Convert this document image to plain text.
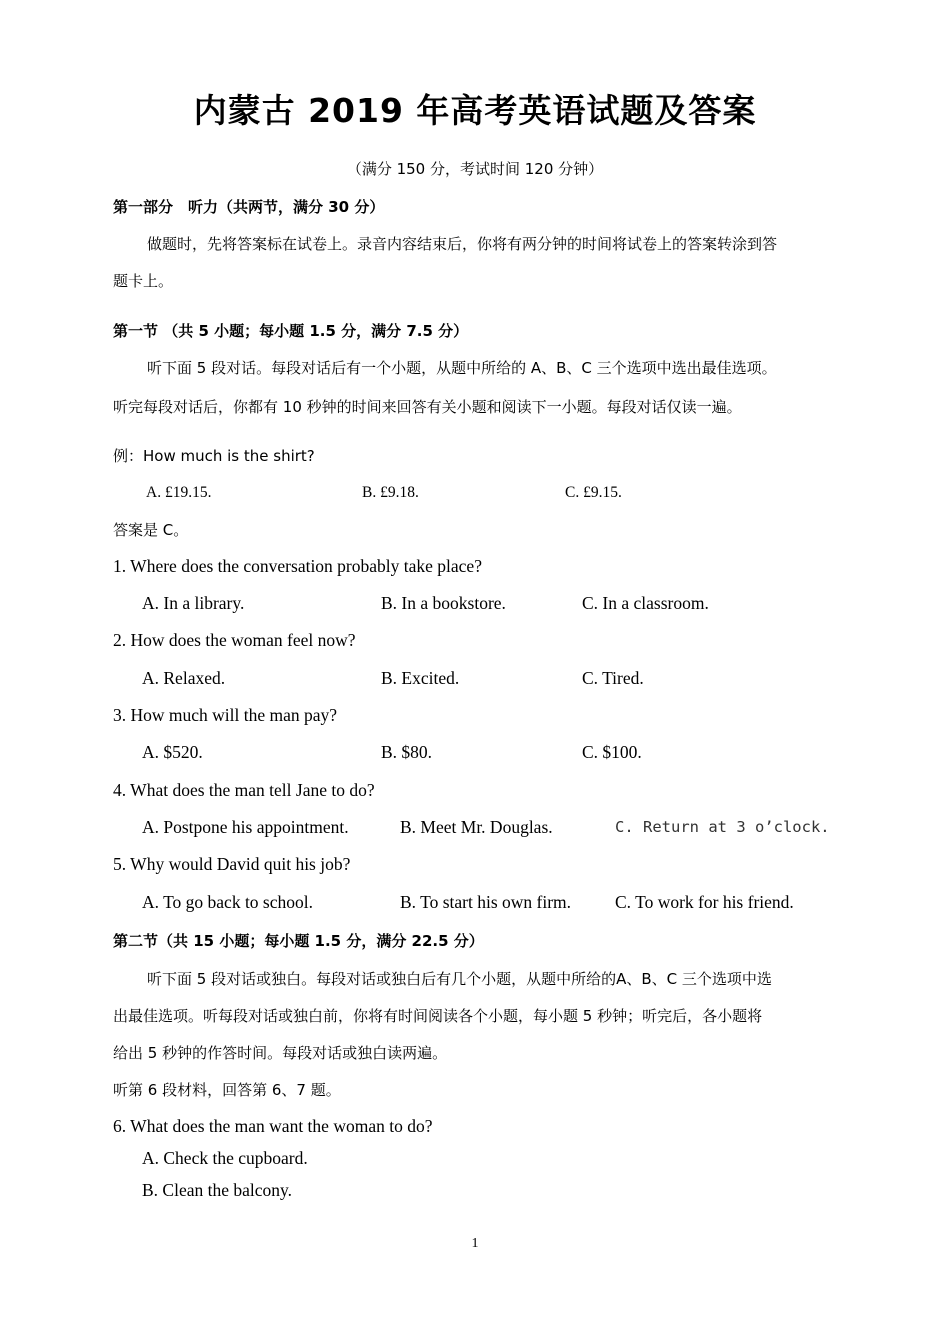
内蒙古 2019 年高考英语试题及答案
（满分 150 分，考试时间 120 分钟）
第一部分　听力（共两节，满分 30 分）
做题时，先将答案标在试卷上。录音内容结束后，你将有两分钟的时间将试卷上的答案转涂到答
题卡上。
第一节 （共 5 小题；每小题 1.5 分，满分 7.5 分）
听下面 5 段对话。每段对话后有一个小题，从题中所给的 A、B、C 三个选项中选出最佳选项。
听完每段对话后，你都有 10 秒钟的时间来回答有关小题和阅读下一小题。每段对话仅读一遍。
例：How much is the shirt?
A. £19.15.	B. £9.18.	C. £9.15.
答案是 C。
1. Where does the conversation probably take place?
A. In a library.	B. In a bookstore.	C. In a classroom.
2. How does the woman feel now?
A. Relaxed.	B. Excited.	C. Tired.
3. How much will the man pay?
A. $520.	B. $80.	C. $100.
4. What does the man tell Jane to do?
A. Postpone his appointment.	B. Meet Mr. Douglas.	C. Return at 3 o’clock.
5. Why would David quit his job?
A. To go back to school.	B. To start his own firm.	C. To work for his friend.
第二节（共 15 小题；每小题 1.5 分，满分 22.5 分）
听下面 5 段对话或独白。每段对话或独白后有几个小题，从题中所给的A、B、C 三个选项中选
出最佳选项。听每段对话或独白前，你将有时间阅读各个小题，每小题 5 秒钟；听完后，各小题将
给出 5 秒钟的作答时间。每段对话或独白读两遍。
听第 6 段材料，回答第 6、7 题。
6. What does the man want the woman to do?
A. Check the cupboard.
B. Clean the balcony.
1
